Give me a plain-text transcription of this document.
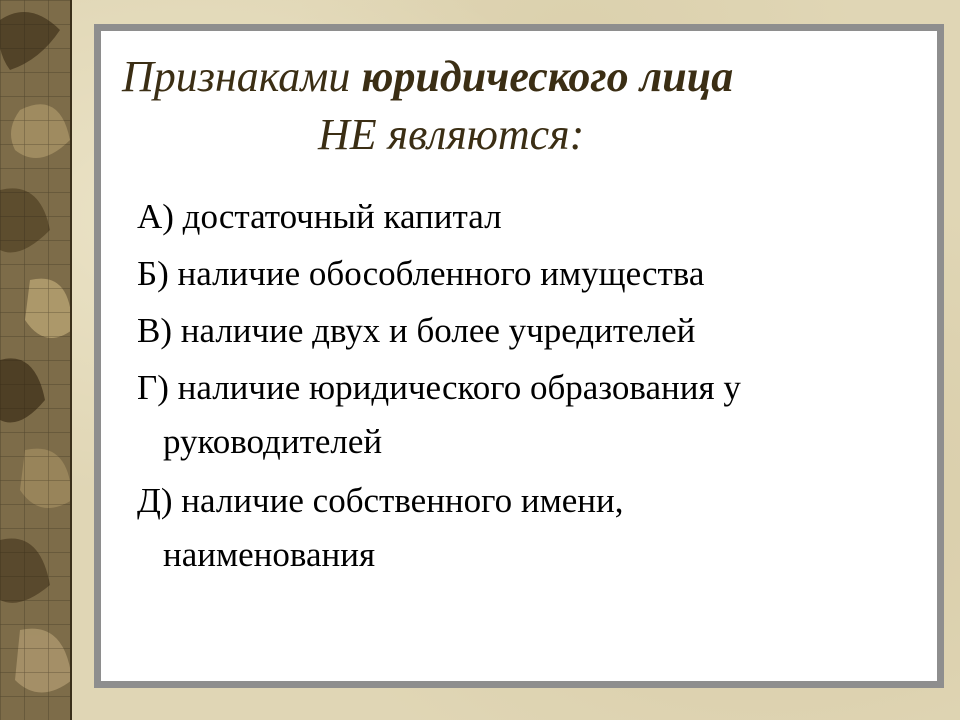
Признаками юридического лица
НЕ являются:
А) достаточный капитал
Б) наличие обособленного имущества
В) наличие двух и более учредителей
Г) наличие юридического образования у
руководителей
Д) наличие собственного имени,
наименования
